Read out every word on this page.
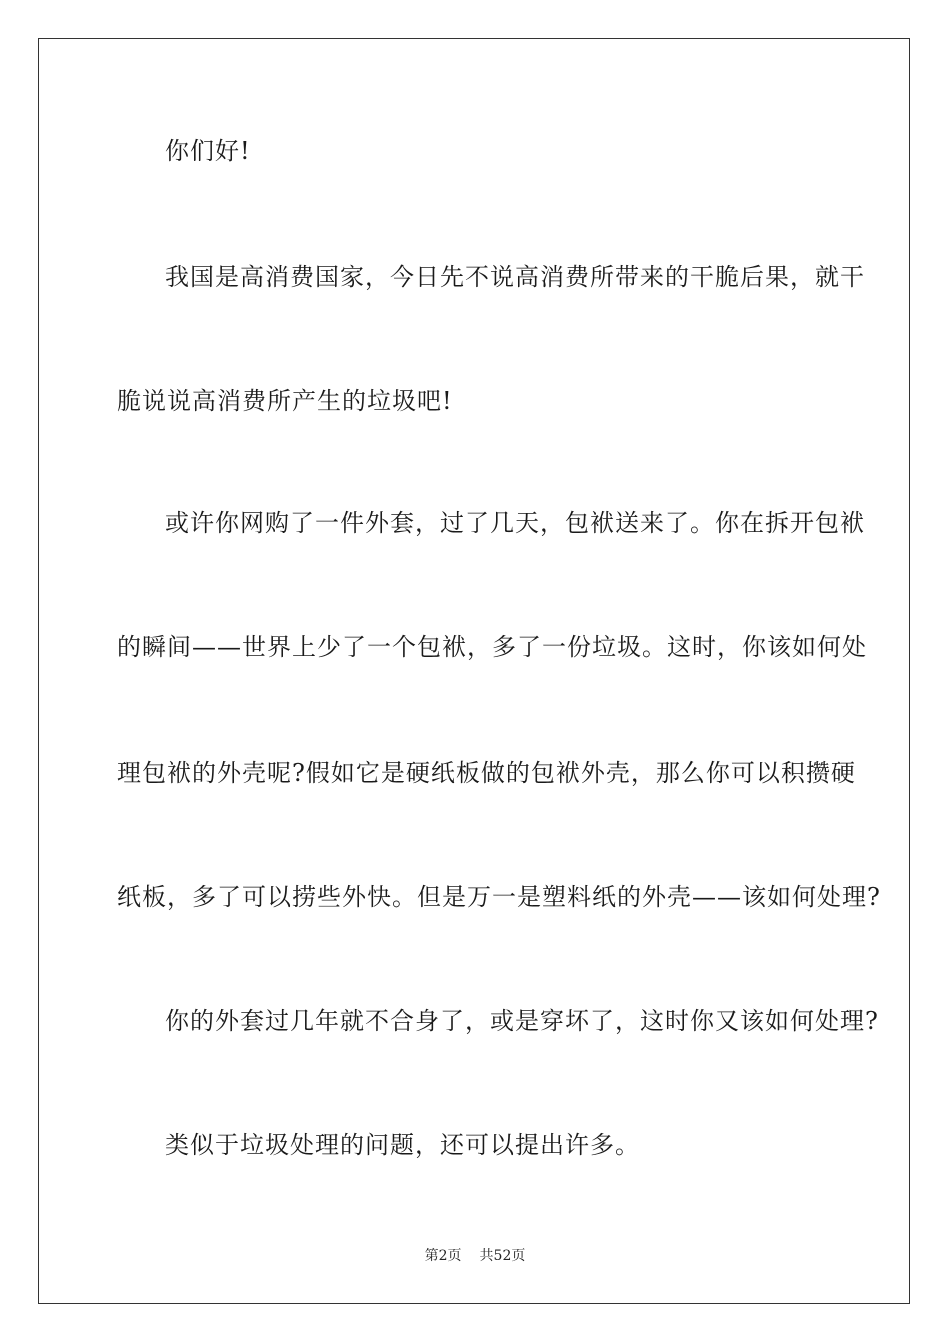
你们好!
我国是高消费国家，今日先不说高消费所带来的干脆后果，就干
脆说说高消费所产生的垃圾吧!
或许你网购了一件外套，过了几天，包袱送来了。你在拆开包袱
的瞬间——世界上少了一个包袱，多了一份垃圾。这时，你该如何处
理包袱的外壳呢?假如它是硬纸板做的包袱外壳，那么你可以积攒硬
纸板，多了可以捞些外快。但是万一是塑料纸的外壳——该如何处理?
你的外套过几年就不合身了，或是穿坏了，这时你又该如何处理?
类似于垃圾处理的问题，还可以提出许多。
第2页 共52页
